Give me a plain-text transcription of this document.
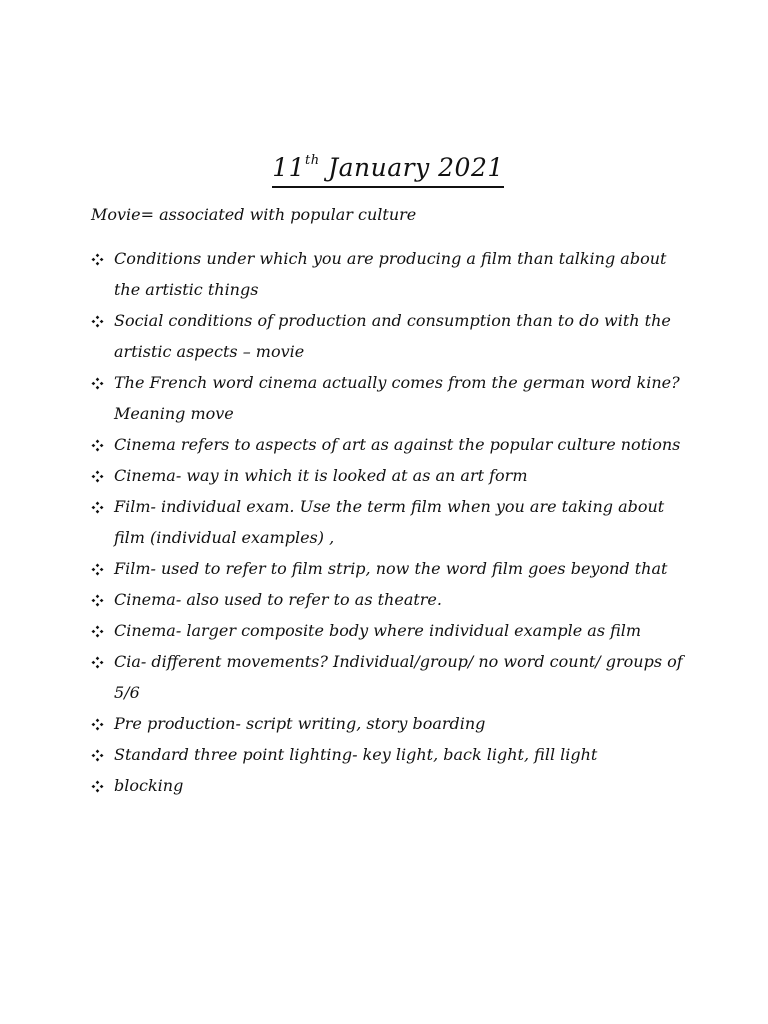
11th January 2021
Movie= associated with popular culture
Conditions under which you are producing a film than talking about the artistic things
Social conditions of production and consumption than to do with the artistic aspects – movie
The French word cinema actually comes from the german word kine? Meaning move
Cinema refers to aspects of art as against the popular culture notions
Cinema- way in which it is looked at as an art form
Film- individual exam. Use the term film when you are taking about film (individual examples) ,
Film- used to refer to film strip, now the word film goes beyond that
Cinema- also used to refer to as theatre.
Cinema- larger composite body where individual example as film
Cia- different movements? Individual/group/ no word count/ groups of 5/6
Pre production- script writing, story boarding
Standard three point lighting- key light, back light, fill light
blocking
